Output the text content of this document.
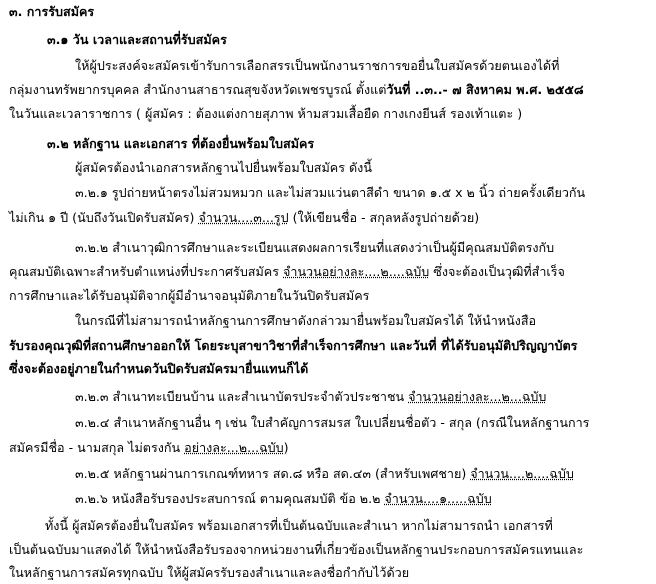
๓. การรับสมัคร
๓.๑ วัน เวลาและสถานที่รับสมัคร
ให้ผู้ประสงค์จะสมัครเข้ารับการเลือกสรรเป็นพนักงานราชการขอยื่นใบสมัครด้วยตนเองได้ที่
กลุ่มงานทรัพยากรบุคคล สำนักงานสาธารณสุขจังหวัดเพชรบูรณ์ ตั้งแต่วันที่ ..๓..- ๗ สิงหาคม พ.ศ. ๒๕๕๘
ในวันและเวลาราชการ ( ผู้สมัคร : ต้องแต่งกายสุภาพ ห้ามสวมเสื้อยืด กางเกงยีนส์ รองเท้าแตะ )
๓.๒ หลักฐาน และเอกสาร ที่ต้องยื่นพร้อมใบสมัคร
ผู้สมัครต้องนำเอกสารหลักฐานไปยื่นพร้อมใบสมัคร ดังนี้
๓.๒.๑ รูปถ่ายหน้าตรงไม่สวมหมวก และไม่สวมแว่นตาสีดำ ขนาด ๑.๕ x ๒ นิ้ว ถ่ายครั้งเดียวกัน
ไม่เกิน ๑ ปี (นับถึงวันเปิดรับสมัคร) จำนวน....๓...รูป (ให้เขียนชื่อ - สกุลหลังรูปถ่ายด้วย)
๓.๒.๒ สำเนาวุฒิการศึกษาและระเบียนแสดงผลการเรียนที่แสดงว่าเป็นผู้มีคุณสมบัติตรงกับ
คุณสมบัติเฉพาะสำหรับตำแหน่งที่ประกาศรับสมัคร จำนวนอย่างละ....๒....ฉบับ ซึ่งจะต้องเป็นวุฒิที่สำเร็จ
การศึกษาและได้รับอนุมัติจากผู้มีอำนาจอนุมัติภายในวันปิดรับสมัคร
ในกรณีที่ไม่สามารถนำหลักฐานการศึกษาดังกล่าวมายื่นพร้อมใบสมัครได้ ให้นำหนังสือ
รับรองคุณวุฒิที่สถานศึกษาออกให้ โดยระบุสาขาวิชาที่สำเร็จการศึกษา และวันที่ ที่ได้รับอนุมัติปริญญาบัตร
ซึ่งจะต้องอยู่ภายในกำหนดวันปิดรับสมัครมายื่นแทนก็ได้
๓.๒.๓ สำเนาทะเบียนบ้าน และสำเนาบัตรประจำตัวประชาชน จำนวนอย่างละ...๒...ฉบับ
๓.๒.๔ สำเนาหลักฐานอื่น ๆ เช่น ใบสำคัญการสมรส ใบเปลี่ยนชื่อตัว - สกุล (กรณีในหลักฐานการ
สมัครมีชื่อ - นามสกุล ไม่ตรงกัน อย่างละ...๒...ฉบับ)
๓.๒.๕ หลักฐานผ่านการเกณฑ์ทหาร สด.๘ หรือ สด.๔๓ (สำหรับเพศชาย) จำนวน....๒....ฉบับ
๓.๒.๖ หนังสือรับรองประสบการณ์ ตามคุณสมบัติ ข้อ ๒.๒ จำนวน....๑.....ฉบับ
ทั้งนี้ ผู้สมัครต้องยื่นใบสมัคร พร้อมเอกสารที่เป็นต้นฉบับและสำเนา หากไม่สามารถนำ เอกสารที่
เป็นต้นฉบับมาแสดงได้ ให้นำหนังสือรับรองจากหน่วยงานที่เกี่ยวข้องเป็นหลักฐานประกอบการสมัครแทนและ
ในหลักฐานการสมัครทุกฉบับ ให้ผู้สมัครรับรองสำเนาและลงชื่อกำกับไว้ด้วย
